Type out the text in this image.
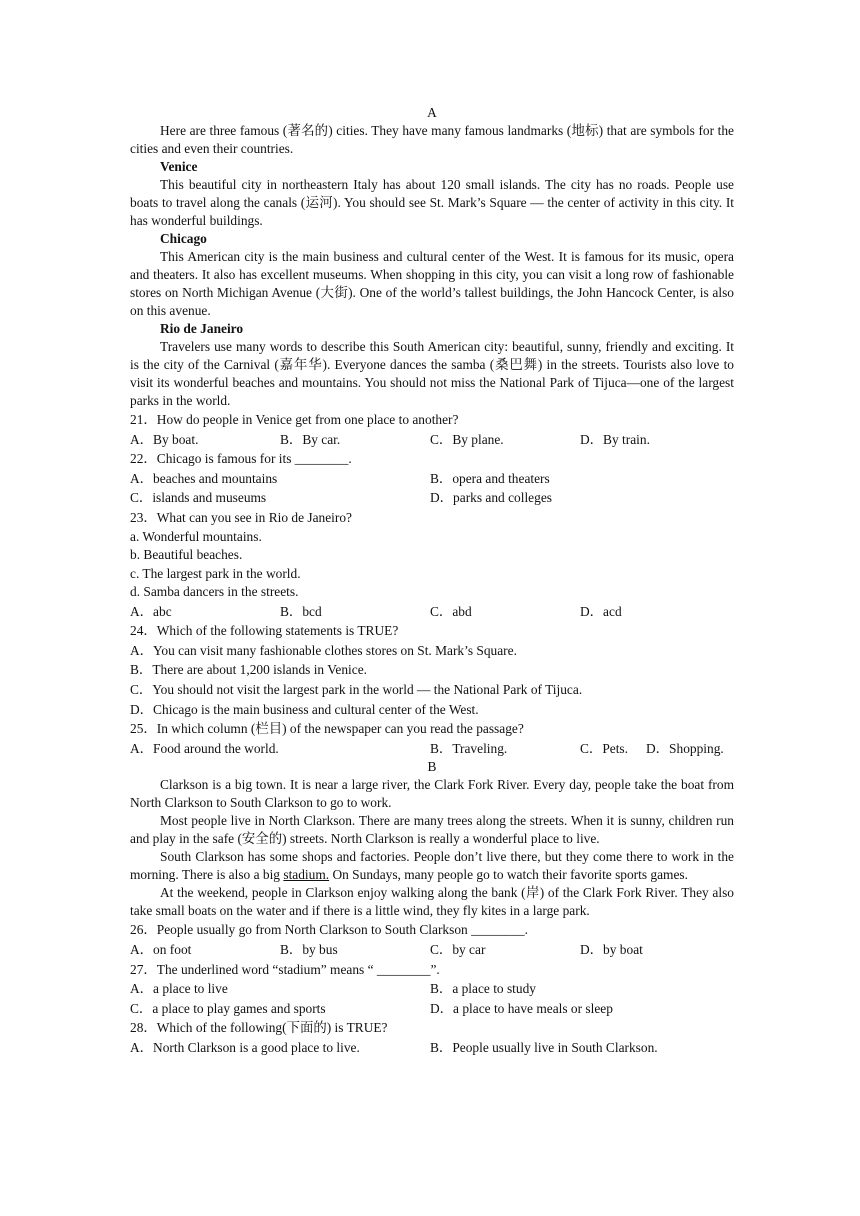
A

Here are three famous (著名的) cities. They have many famous landmarks (地标) that are symbols for the cities and even their countries.

Venice

This beautiful city in northeastern Italy has about 120 small islands. The city has no roads. People use boats to travel along the canals (运河). You should see St. Mark’s Square — the center of activity in this city. It has wonderful buildings.

Chicago

This American city is the main business and cultural center of the West. It is famous for its music, opera and theaters. It also has excellent museums. When shopping in this city, you can visit a long row of fashionable stores on North Michigan Avenue (大街). One of the world’s tallest buildings, the John Hancock Center, is also on this avenue.

Rio de Janeiro

Travelers use many words to describe this South American city: beautiful, sunny, friendly and exciting. It is the city of the Carnival (嘉年华). Everyone dances the samba (桑巴舞) in the streets. Tourists also love to visit its wonderful beaches and mountains. You should not miss the National Park of Tijuca—one of the largest parks in the world.

21．How do people in Venice get from one place to another?
A．By boat.	B．By car.	C．By plane.	D．By train.
22．Chicago is famous for its ________.
A．beaches and mountains	B．opera and theaters
C．islands and museums	D．parks and colleges
23．What can you see in Rio de Janeiro?
a. Wonderful mountains.
b. Beautiful beaches.
c. The largest park in the world.
d. Samba dancers in the streets.
A．abc	B．bcd	C．abd	D．acd
24．Which of the following statements is TRUE?
A．You can visit many fashionable clothes stores on St. Mark’s Square.
B．There are about 1,200 islands in Venice.
C．You should not visit the largest park in the world — the National Park of Tijuca.
D．Chicago is the main business and cultural center of the West.
25．In which column (栏目) of the newspaper can you read the passage?
A．Food around the world.	B．Traveling.	C．Pets.	D．Shopping.
B

Clarkson is a big town. It is near a large river, the Clark Fork River. Every day, people take the boat from North Clarkson to South Clarkson to go to work.

Most people live in North Clarkson. There are many trees along the streets. When it is sunny, children run and play in the safe (安全的) streets. North Clarkson is really a wonderful place to live.

South Clarkson has some shops and factories. People don’t live there, but they come there to work in the morning. There is also a big stadium. On Sundays, many people go to watch their favorite sports games.

At the weekend, people in Clarkson enjoy walking along the bank (岸) of the Clark Fork River. They also take small boats on the water and if there is a little wind, they fly kites in a large park.

26．People usually go from North Clarkson to South Clarkson ________.
A．on foot	B．by bus	C．by car	D．by boat
27．The underlined word “stadium” means “ ________”.
A．a place to live	B．a place to study
C．a place to play games and sports	D．a place to have meals or sleep
28．Which of the following(下面的) is TRUE?
A．North Clarkson is a good place to live.	B．People usually live in South Clarkson.
